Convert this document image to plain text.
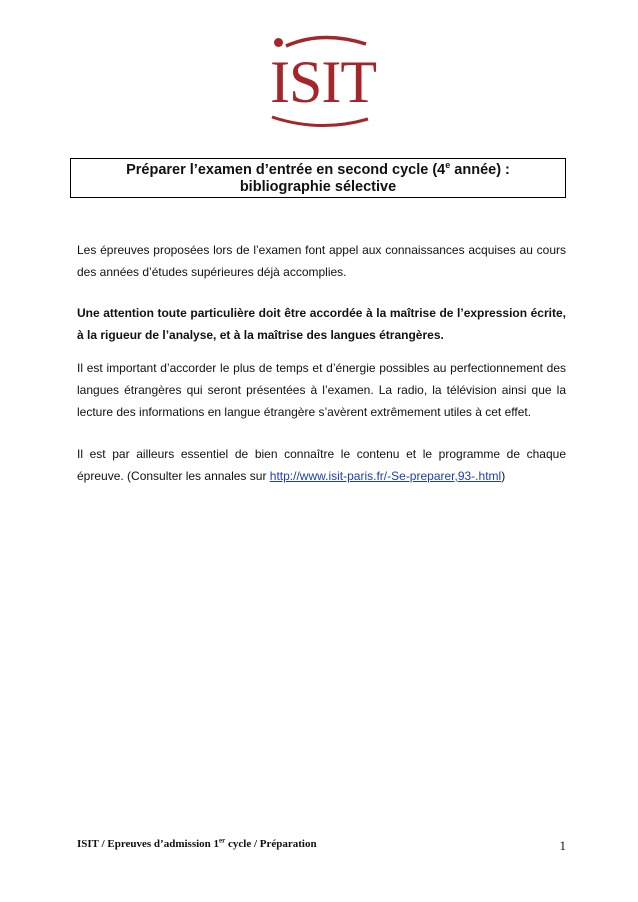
ISIT
Préparer l’examen d’entrée en second cycle (4e année) :
bibliographie sélective

Les épreuves proposées lors de l’examen font appel aux connaissances acquises au cours des années d’études supérieures déjà accomplies.

Une attention toute particulière doit être accordée à la maîtrise de l’expression écrite, à la rigueur de l’analyse, et à la maîtrise des langues étrangères.

Il est important d’accorder le plus de temps et d’énergie possibles au perfectionnement des langues étrangères qui seront présentées à l’examen. La radio, la télévision ainsi que la lecture des informations en langue étrangère s’avèrent extrêmement utiles à cet effet.

Il est par ailleurs essentiel de bien connaître le contenu et le programme de chaque épreuve. (Consulter les annales sur http://www.isit-paris.fr/-Se-preparer,93-.html)

ISIT / Epreuves d’admission 1er cycle / Préparation	1
